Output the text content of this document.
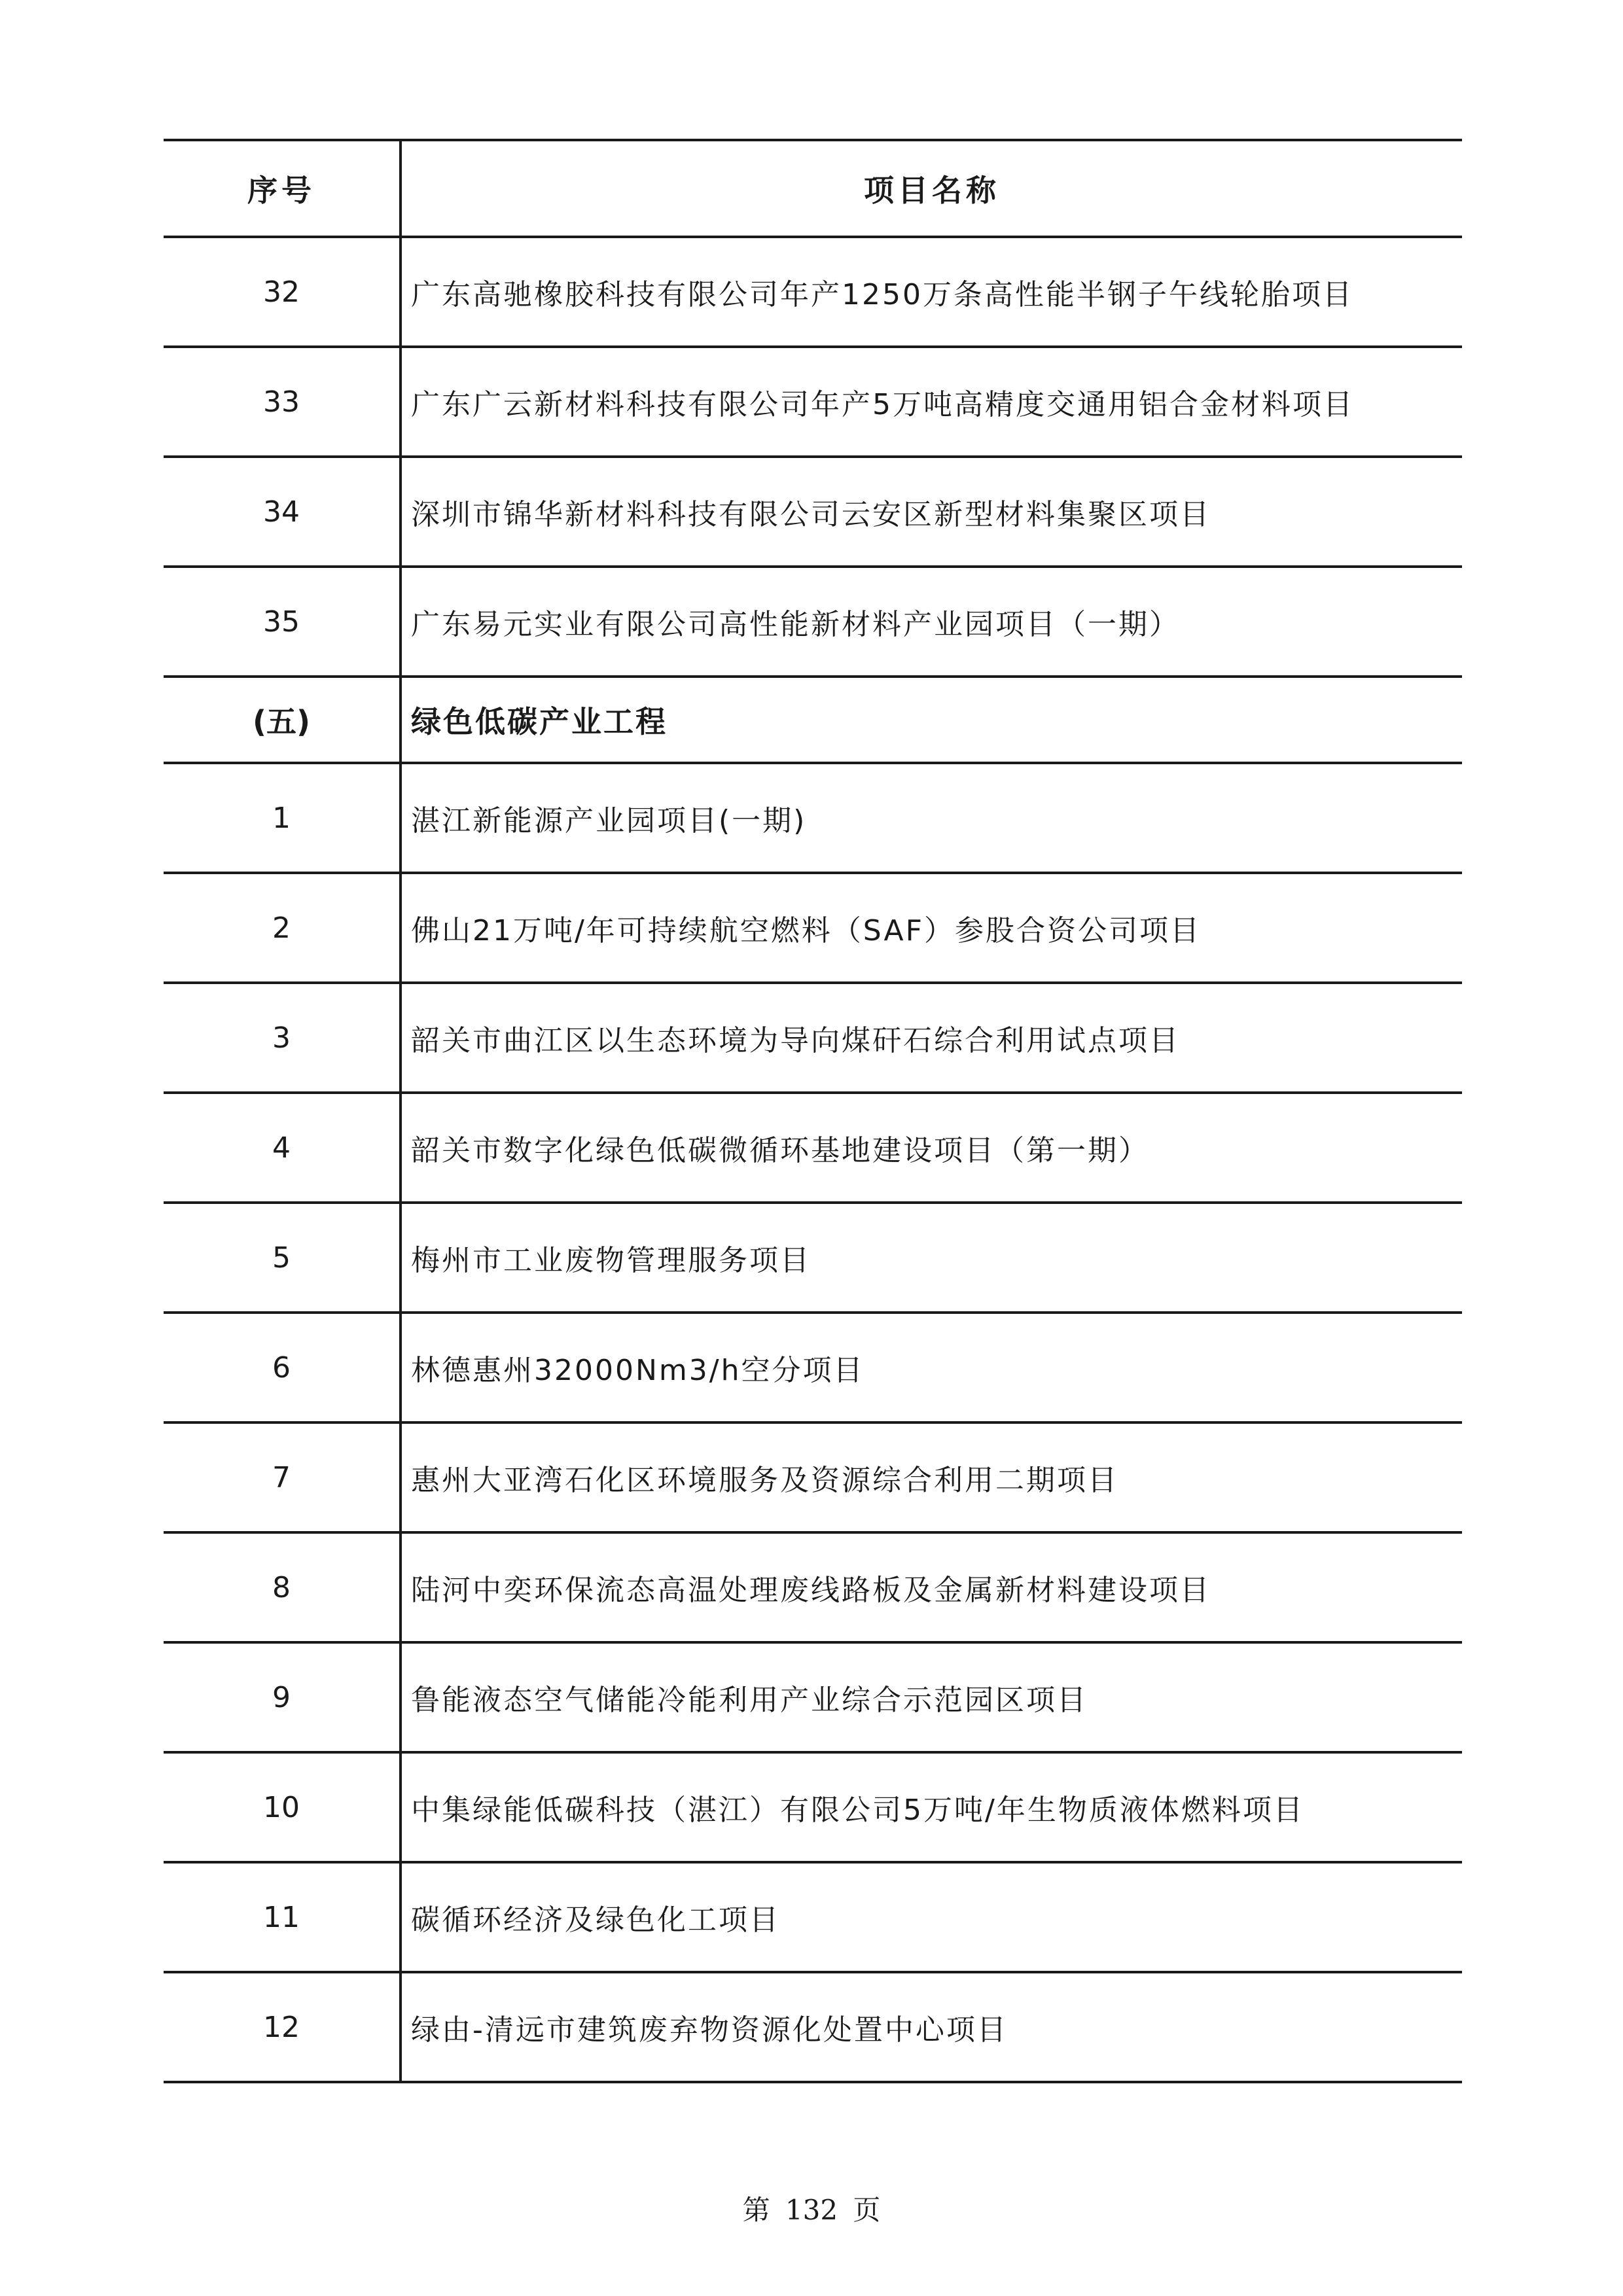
序号	项目名称
32	广东高驰橡胶科技有限公司年产1250万条高性能半钢子午线轮胎项目
33	广东广云新材料科技有限公司年产5万吨高精度交通用铝合金材料项目
34	深圳市锦华新材料科技有限公司云安区新型材料集聚区项目
35	广东易元实业有限公司高性能新材料产业园项目（一期）
(五)	绿色低碳产业工程
1	湛江新能源产业园项目(一期)
2	佛山21万吨/年可持续航空燃料（SAF）参股合资公司项目
3	韶关市曲江区以生态环境为导向煤矸石综合利用试点项目
4	韶关市数字化绿色低碳微循环基地建设项目（第一期）
5	梅州市工业废物管理服务项目
6	林德惠州32000Nm3/h空分项目
7	惠州大亚湾石化区环境服务及资源综合利用二期项目
8	陆河中奕环保流态高温处理废线路板及金属新材料建设项目
9	鲁能液态空气储能冷能利用产业综合示范园区项目
10	中集绿能低碳科技（湛江）有限公司5万吨/年生物质液体燃料项目
11	碳循环经济及绿色化工项目
12	绿由-清远市建筑废弃物资源化处置中心项目
第 132 页
